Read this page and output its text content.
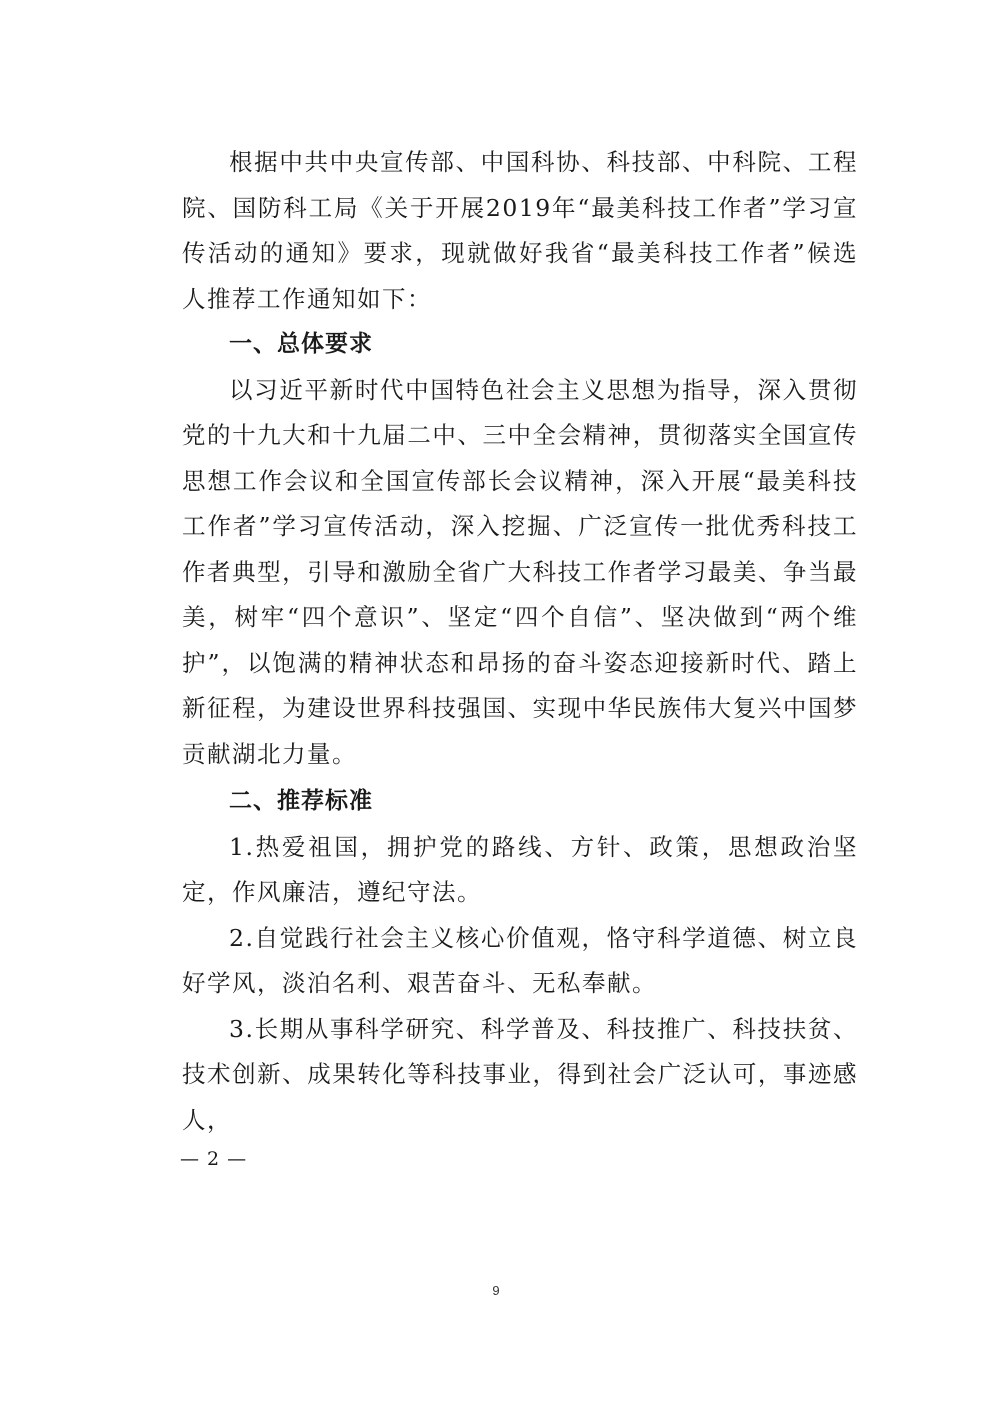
根据中共中央宣传部、中国科协、科技部、中科院、工程院、国防科工局《关于开展2019年“最美科技工作者”学习宣传活动的通知》要求，现就做好我省“最美科技工作者”候选人推荐工作通知如下：

一、总体要求

以习近平新时代中国特色社会主义思想为指导，深入贯彻党的十九大和十九届二中、三中全会精神，贯彻落实全国宣传思想工作会议和全国宣传部长会议精神，深入开展“最美科技工作者”学习宣传活动，深入挖掘、广泛宣传一批优秀科技工作者典型，引导和激励全省广大科技工作者学习最美、争当最美，树牢“四个意识”、坚定“四个自信”、坚决做到“两个维护”，以饱满的精神状态和昂扬的奋斗姿态迎接新时代、踏上新征程，为建设世界科技强国、实现中华民族伟大复兴中国梦贡献湖北力量。

二、推荐标准

1.热爱祖国，拥护党的路线、方针、政策，思想政治坚定，作风廉洁，遵纪守法。

2.自觉践行社会主义核心价值观，恪守科学道德、树立良好学风，淡泊名利、艰苦奋斗、无私奉献。

3.长期从事科学研究、科学普及、科技推广、科技扶贫、技术创新、成果转化等科技事业，得到社会广泛认可，事迹感人，

— 2 —
9
